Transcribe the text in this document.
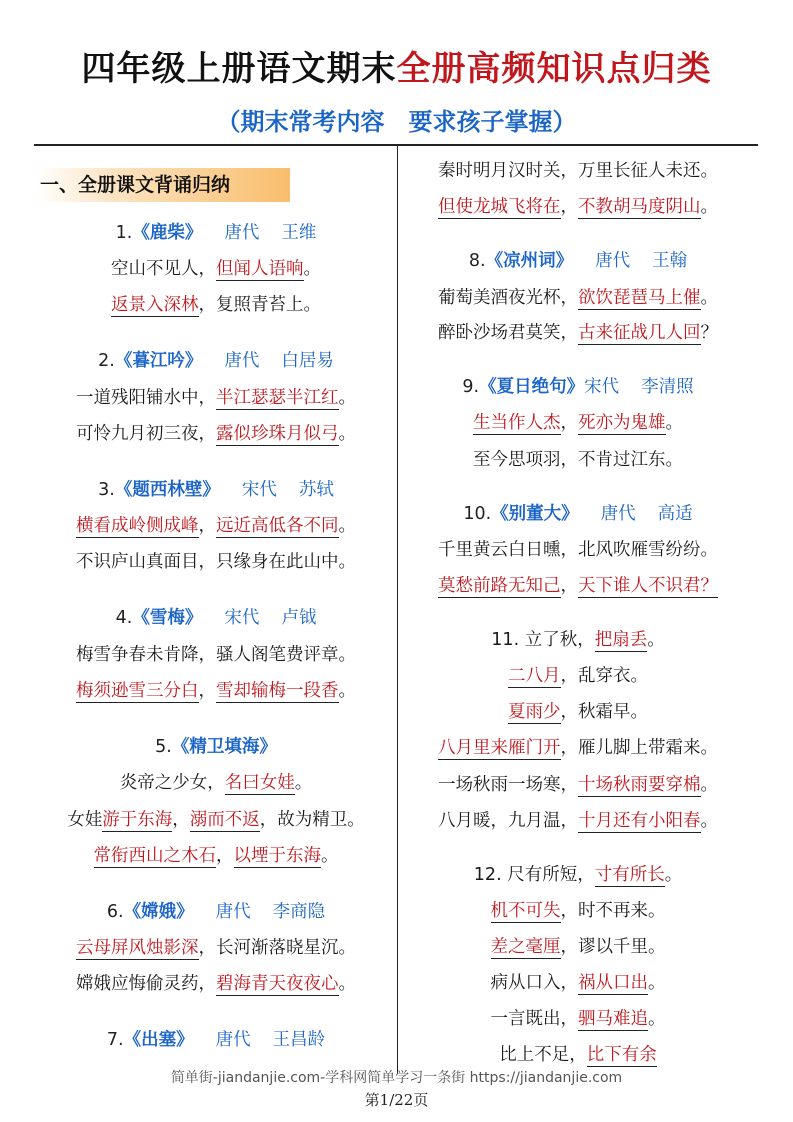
四年级上册语文期末全册高频知识点归类
（期末常考内容　要求孩子掌握）
一、全册课文背诵归纳
1.《鹿柴》 唐代 王维
空山不见人，但闻人语响。
返景入深林，复照青苔上。
2.《暮江吟》 唐代 白居易
一道残阳铺水中，半江瑟瑟半江红。
可怜九月初三夜，露似珍珠月似弓。
3.《题西林壁》 宋代 苏轼
横看成岭侧成峰，远近高低各不同。
不识庐山真面目，只缘身在此山中。
4.《雪梅》 宋代 卢钺
梅雪争春未肯降，骚人阁笔费评章。
梅须逊雪三分白，雪却输梅一段香。
5.《精卫填海》
炎帝之少女，名曰女娃。
女娃游于东海，溺而不返，故为精卫。
常衔西山之木石，以堙于东海。
6.《嫦娥》 唐代 李商隐
云母屏风烛影深，长河渐落晓星沉。
嫦娥应悔偷灵药，碧海青天夜夜心。
7.《出塞》 唐代 王昌龄
秦时明月汉时关，万里长征人未还。
但使龙城飞将在，不教胡马度阴山。
8.《凉州词》 唐代 王翰
葡萄美酒夜光杯，欲饮琵琶马上催。
醉卧沙场君莫笑，古来征战几人回？
9.《夏日绝句》宋代 李清照
生当作人杰，死亦为鬼雄。
至今思项羽，不肯过江东。
10.《别董大》 唐代 高适
千里黄云白日曛，北风吹雁雪纷纷。
莫愁前路无知己，天下谁人不识君？
11. 立了秋，把扇丢。
二八月，乱穿衣。
夏雨少，秋霜早。
八月里来雁门开，雁儿脚上带霜来。
一场秋雨一场寒，十场秋雨要穿棉。
八月暖，九月温，十月还有小阳春。
12. 尺有所短，寸有所长。
机不可失，时不再来。
差之毫厘，谬以千里。
病从口入，祸从口出。
一言既出，驷马难追。
比上不足，比下有余
简单街-jiandanjie.com-学科网简单学习一条街 https://jiandanjie.com
第1/22页
